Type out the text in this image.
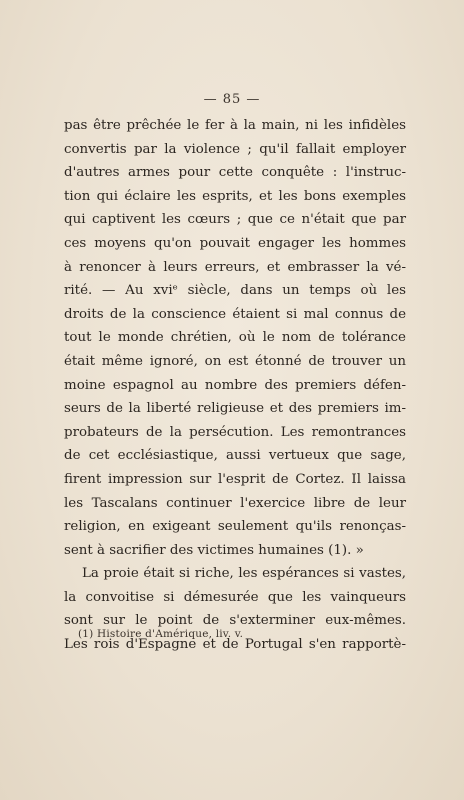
— 85 —
pas être prêchée le fer à la main, ni les infidèles
convertis par la violence ; qu'il fallait employer
d'autres armes pour cette conquête : l'instruc-
tion qui éclaire les esprits, et les bons exemples
qui captivent les cœurs ; que ce n'était que par
ces moyens qu'on pouvait engager les hommes
à renoncer à leurs erreurs, et embrasser la vé-
rité. — Au xviᵉ siècle, dans un temps où les
droits de la conscience étaient si mal connus de
tout le monde chrétien, où le nom de tolérance
était même ignoré, on est étonné de trouver un
moine espagnol au nombre des premiers défen-
seurs de la liberté religieuse et des premiers im-
probateurs de la persécution. Les remontrances
de cet ecclésiastique, aussi vertueux que sage,
firent impression sur l'esprit de Cortez. Il laissa
les Tascalans continuer l'exercice libre de leur
religion, en exigeant seulement qu'ils renonças-
sent à sacrifier des victimes humaines (1). »
La proie était si riche, les espérances si vastes,
la convoitise si démesurée que les vainqueurs
sont sur le point de s'exterminer eux-mêmes.
Les rois d'Espagne et de Portugal s'en rapportè-
(1) Histoire d'Amérique, liv. v.
